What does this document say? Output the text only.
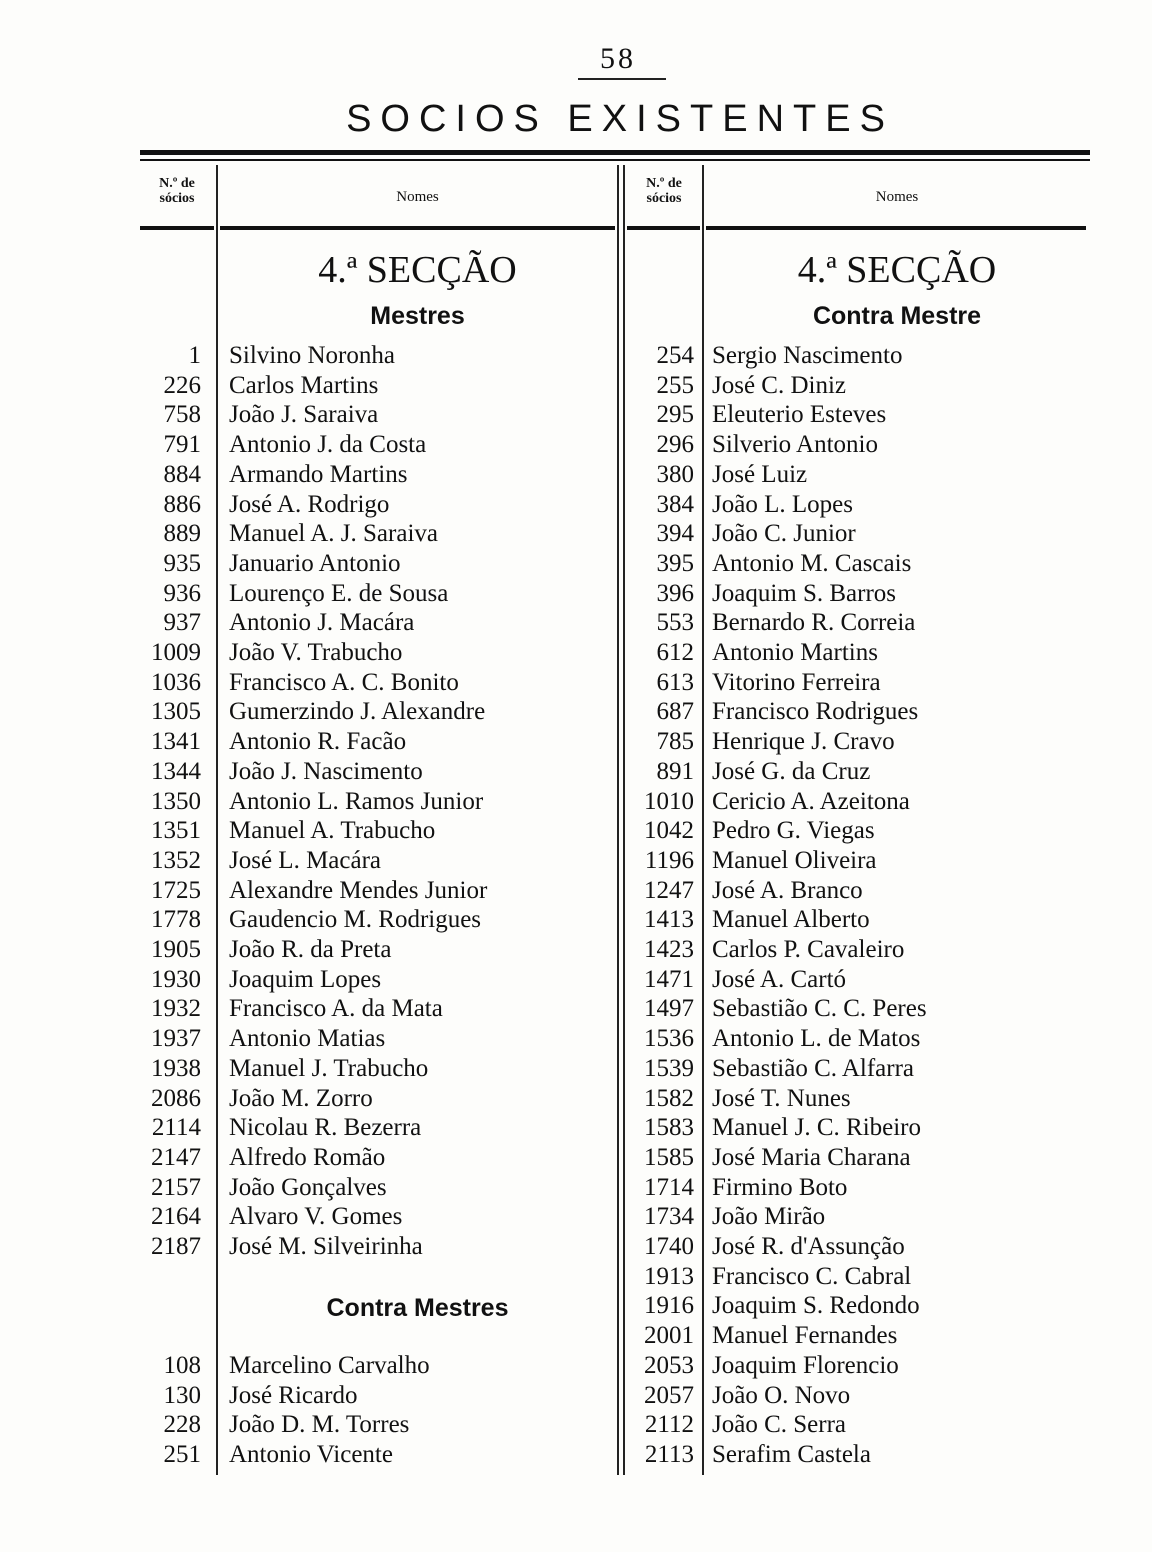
58
SOCIOS EXISTENTES
N.º de sócios	Nomes
N.º de sócios	Nomes
4.ª SECÇÃO
Mestres
4.ª SECÇÃO
Contra Mestre
1 Silvino Noronha
226 Carlos Martins
758 João J. Saraiva
791 Antonio J. da Costa
884 Armando Martins
886 José A. Rodrigo
889 Manuel A. J. Saraiva
935 Januario Antonio
936 Lourenço E. de Sousa
937 Antonio J. Macára
1009 João V. Trabucho
1036 Francisco A. C. Bonito
1305 Gumerzindo J. Alexandre
1341 Antonio R. Facão
1344 João J. Nascimento
1350 Antonio L. Ramos Junior
1351 Manuel A. Trabucho
1352 José L. Macára
1725 Alexandre Mendes Junior
1778 Gaudencio M. Rodrigues
1905 João R. da Preta
1930 Joaquim Lopes
1932 Francisco A. da Mata
1937 Antonio Matias
1938 Manuel J. Trabucho
2086 João M. Zorro
2114 Nicolau R. Bezerra
2147 Alfredo Romão
2157 João Gonçalves
2164 Alvaro V. Gomes
2187 José M. Silveirinha
Contra Mestres
108 Marcelino Carvalho
130 José Ricardo
228 João D. M. Torres
251 Antonio Vicente
254 Sergio Nascimento
255 José C. Diniz
295 Eleuterio Esteves
296 Silverio Antonio
380 José Luiz
384 João L. Lopes
394 João C. Junior
395 Antonio M. Cascais
396 Joaquim S. Barros
553 Bernardo R. Correia
612 Antonio Martins
613 Vitorino Ferreira
687 Francisco Rodrigues
785 Henrique J. Cravo
891 José G. da Cruz
1010 Cericio A. Azeitona
1042 Pedro G. Viegas
1196 Manuel Oliveira
1247 José A. Branco
1413 Manuel Alberto
1423 Carlos P. Cavaleiro
1471 José A. Cartó
1497 Sebastião C. C. Peres
1536 Antonio L. de Matos
1539 Sebastião C. Alfarra
1582 José T. Nunes
1583 Manuel J. C. Ribeiro
1585 José Maria Charana
1714 Firmino Boto
1734 João Mirão
1740 José R. d'Assunção
1913 Francisco C. Cabral
1916 Joaquim S. Redondo
2001 Manuel Fernandes
2053 Joaquim Florencio
2057 João O. Novo
2112 João C. Serra
2113 Serafim Castela
